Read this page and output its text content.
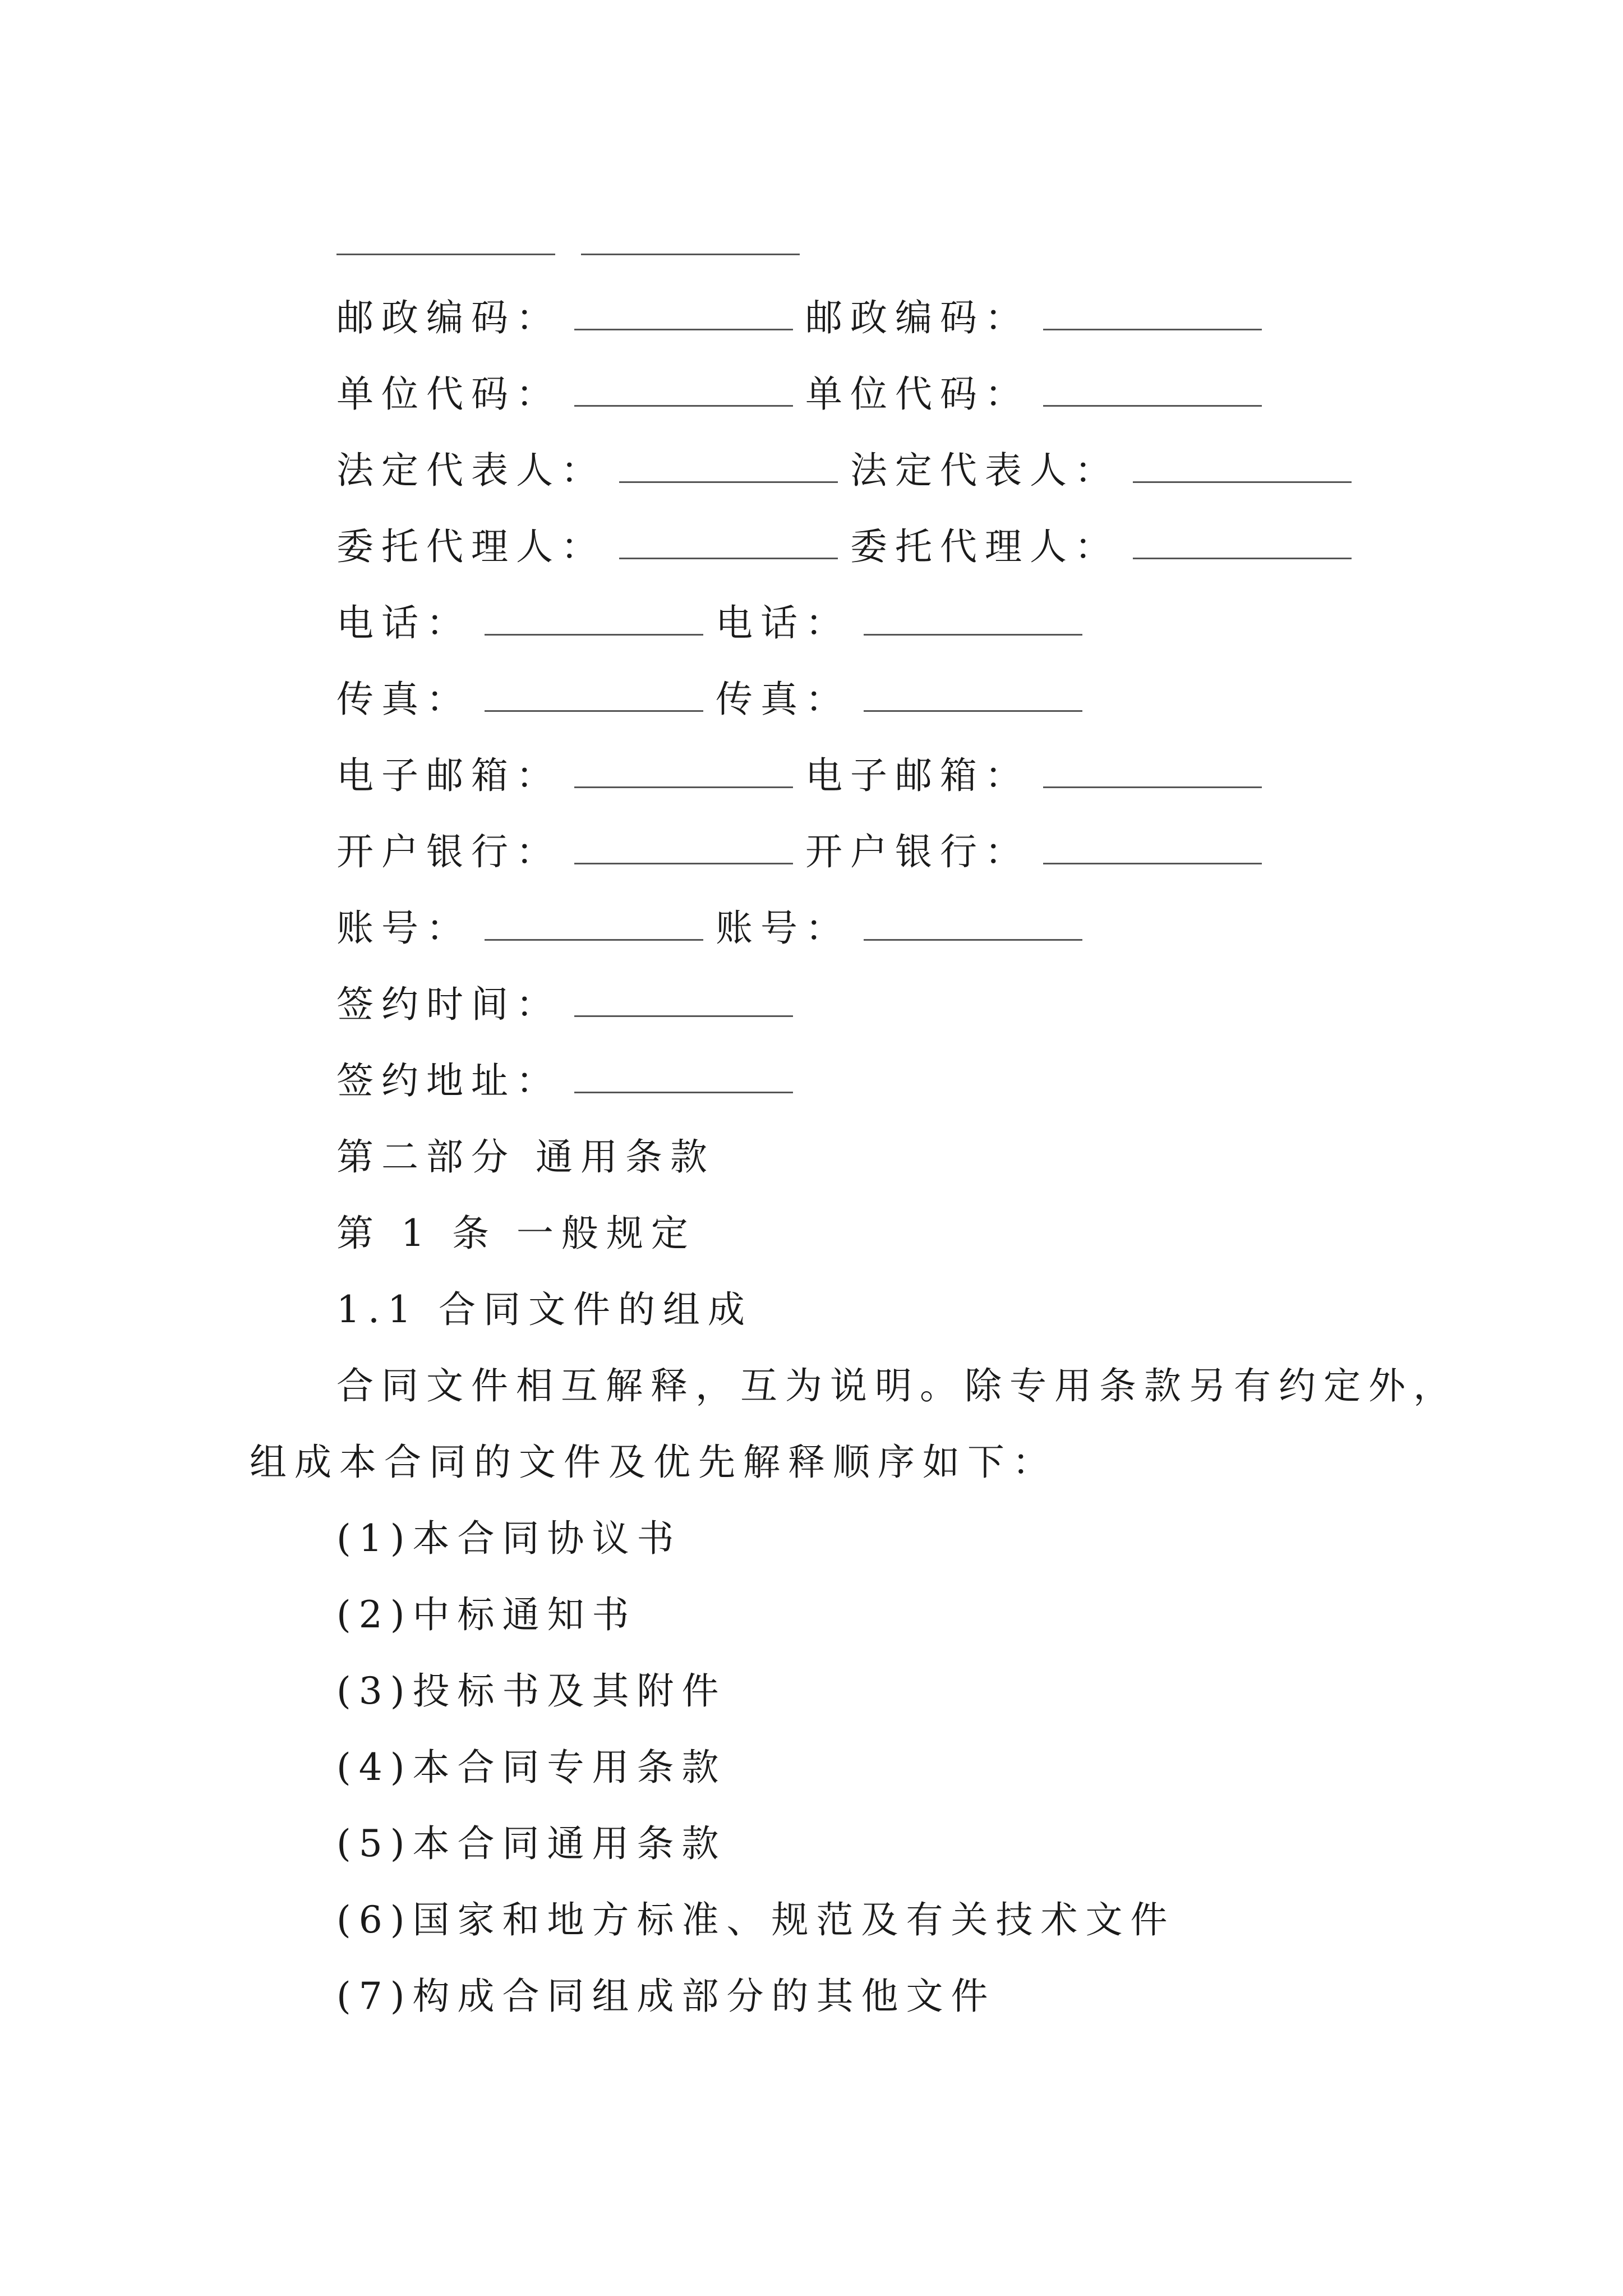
邮政编码：	邮政编码：
单位代码：	单位代码：
法定代表人：	法定代表人：
委托代理人：	委托代理人：
电话：	电话：
传真：	传真：
电子邮箱：	电子邮箱：
开户银行：	开户银行：
账号：	账号：
签约时间：
签约地址：
第二部分 通用条款
第 1 条 一般规定
1.1 合同文件的组成
合同文件相互解释，互为说明。除专用条款另有约定外，
组成本合同的文件及优先解释顺序如下：
(1)本合同协议书
(2)中标通知书
(3)投标书及其附件
(4)本合同专用条款
(5)本合同通用条款
(6)国家和地方标准、规范及有关技术文件
(7)构成合同组成部分的其他文件
